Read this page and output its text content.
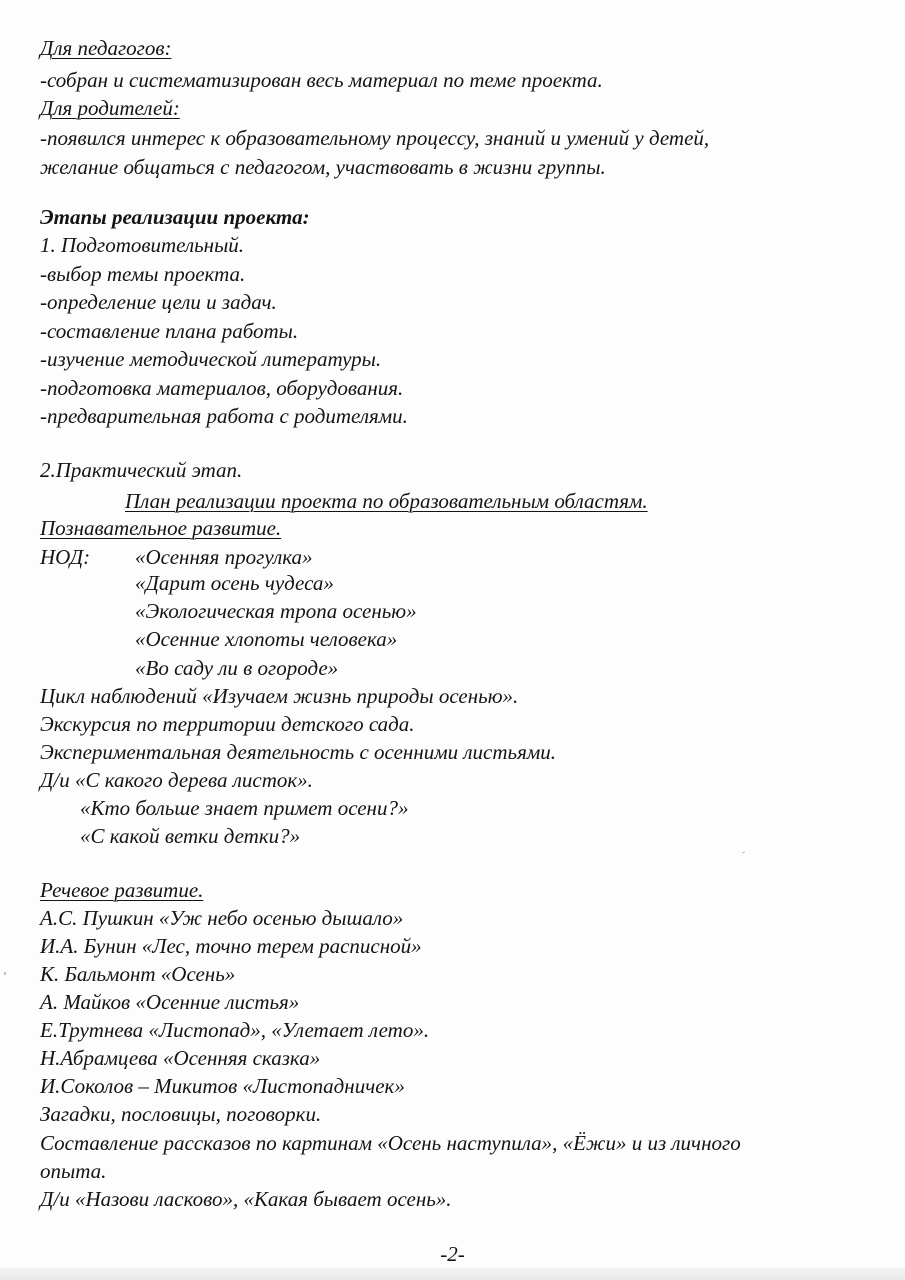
Для педагогов:
-собран и систематизирован весь материал по теме проекта.
Для родителей:
-появился интерес к образовательному процессу, знаний и умений у детей,
желание общаться с педагогом, участвовать в жизни группы.
Этапы реализации проекта:
1. Подготовительный.
-выбор темы проекта.
-определение цели и задач.
-составление плана работы.
-изучение методической литературы.
-подготовка материалов, оборудования.
-предварительная работа с родителями.
2.Практический этап.
План реализации проекта по образовательным областям.
Познавательное развитие.
НОД: «Осенняя прогулка»
«Дарит осень чудеса»
«Экологическая тропа осенью»
«Осенние хлопоты человека»
«Во саду ли в огороде»
Цикл наблюдений «Изучаем жизнь природы осенью».
Экскурсия по территории детского сада.
Экспериментальная деятельность с осенними листьями.
Д/и «С какого дерева листок».
«Кто больше знает примет осени?»
«С какой ветки детки?»
Речевое развитие.
А.С. Пушкин «Уж небо осенью дышало»
И.А. Бунин «Лес, точно терем расписной»
К. Бальмонт «Осень»
А. Майков «Осенние листья»
Е.Трутнева «Листопад», «Улетает лето».
Н.Абрамцева «Осенняя сказка»
И.Соколов – Микитов «Листопадничек»
Загадки, пословицы, поговорки.
Составление рассказов по картинам «Осень наступила», «Ёжи» и из личного
опыта.
Д/и «Назови ласково», «Какая бывает осень».
-2-
